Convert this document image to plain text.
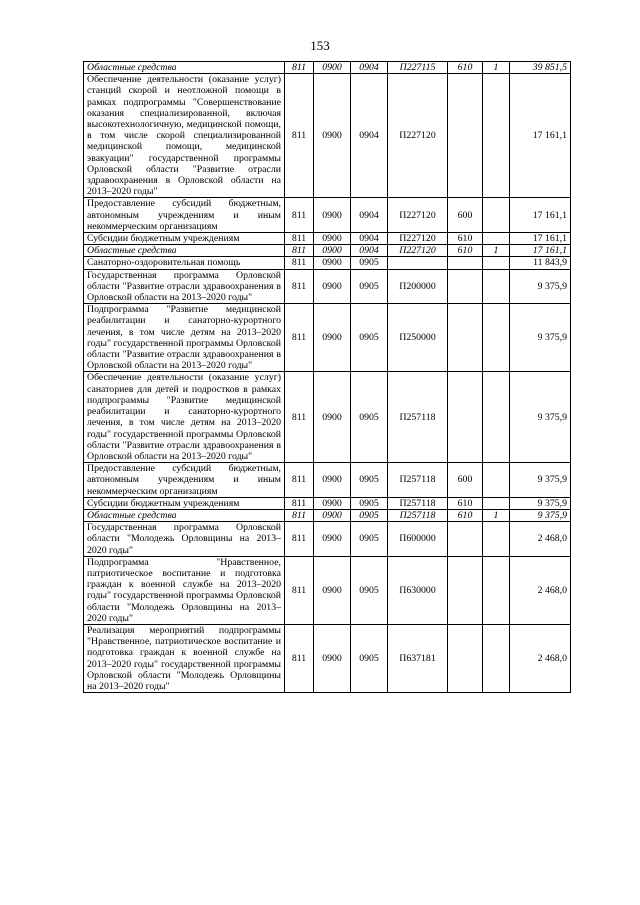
153
Областные средства	811	0900	0904	П227115	610	1	39 851,5
Обеспечение деятельности (оказание услуг) станций скорой и неотложной помощи в рамках подпрограммы "Совершенствование оказания специализированной, включая высокотехнологичную, медицинской помощи, в том числе скорой специализированной медицинской помощи, медицинской эвакуации" государственной программы Орловской области "Развитие отрасли здравоохранения в Орловской области на 2013–2020 годы"	811	0900	0904	П227120			17 161,1
Предоставление субсидий бюджетным, автономным учреждениям и иным некоммерческим организациям	811	0900	0904	П227120	600		17 161,1
Субсидии бюджетным учреждениям	811	0900	0904	П227120	610		17 161,1
Областные средства	811	0900	0904	П227120	610	1	17 161,1
Санаторно-оздоровительная помощь	811	0900	0905				11 843,9
Государственная программа Орловской области "Развитие отрасли здравоохранения в Орловской области на 2013–2020 годы"	811	0900	0905	П200000			9 375,9
Подпрограмма "Развитие медицинской реабилитации и санаторно-курортного лечения, в том числе детям на 2013–2020 годы" государственной программы Орловской области "Развитие отрасли здравоохранения в Орловской области на 2013–2020 годы"	811	0900	0905	П250000			9 375,9
Обеспечение деятельности (оказание услуг) санаториев для детей и подростков в рамках подпрограммы "Развитие медицинской реабилитации и санаторно-курортного лечения, в том числе детям на 2013–2020 годы" государственной программы Орловской области "Развитие отрасли здравоохранения в Орловской области на 2013–2020 годы"	811	0900	0905	П257118			9 375,9
Предоставление субсидий бюджетным, автономным учреждениям и иным некоммерческим организациям	811	0900	0905	П257118	600		9 375,9
Субсидии бюджетным учреждениям	811	0900	0905	П257118	610		9 375,9
Областные средства	811	0900	0905	П257118	610	1	9 375,9
Государственная программа Орловской области "Молодежь Орловщины на 2013–2020 годы"	811	0900	0905	П600000			2 468,0
Подпрограмма "Нравственное, патриотическое воспитание и подготовка граждан к военной службе на 2013–2020 годы" государственной программы Орловской области "Молодежь Орловщины на 2013–2020 годы"	811	0900	0905	П630000			2 468,0
Реализация мероприятий подпрограммы "Нравственное, патриотическое воспитание и подготовка граждан к военной службе на 2013–2020 годы" государственной программы Орловской области "Молодежь Орловщины на 2013–2020 годы"	811	0900	0905	П637181			2 468,0
